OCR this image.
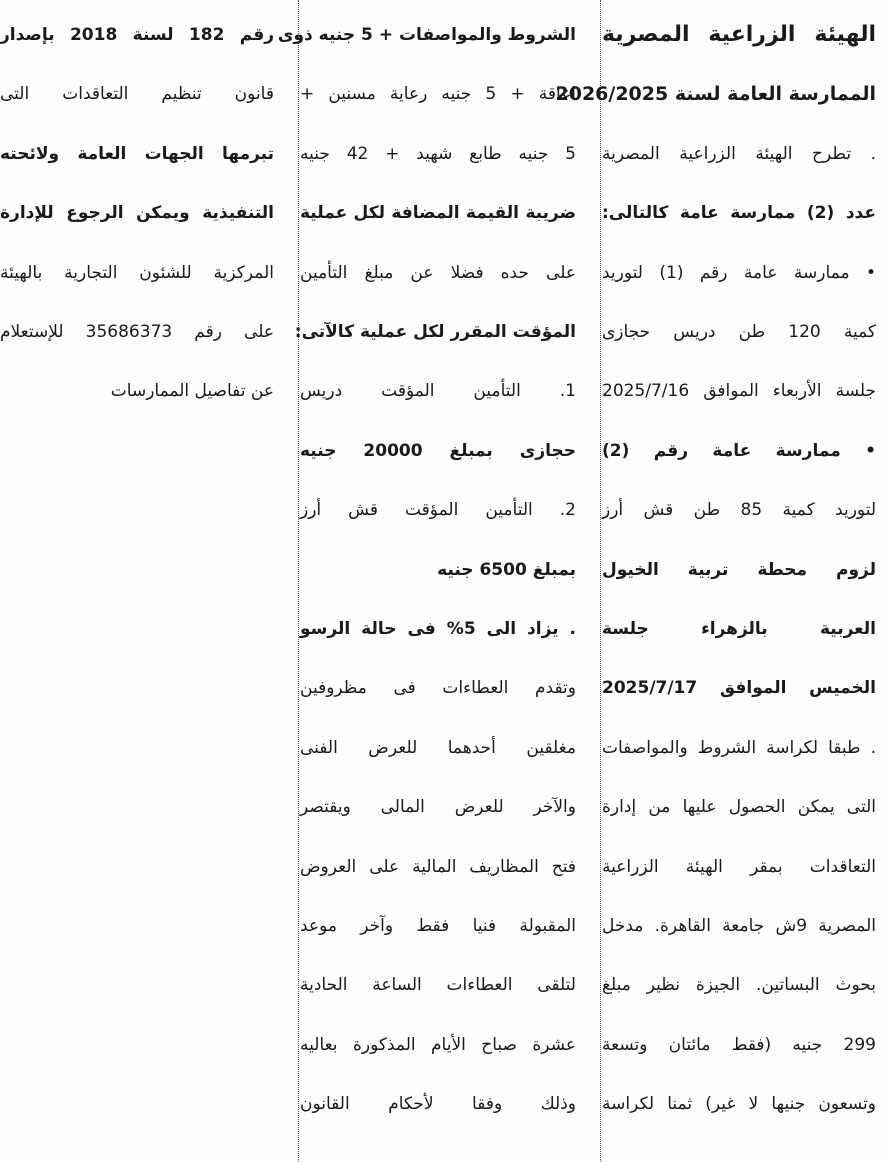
الهيئة الزراعية المصرية
الممارسة العامة لسنة 2026/2025
. تطرح الهيئة الزراعية المصرية
عدد (2) ممارسة عامة كالتالى:
• ممارسة عامة رقم (1) لتوريد
كمية 120 طن دريس حجازى
جلسة الأربعاء الموافق 2025/7/16
• ممارسة عامة رقم (2)
لتوريد كمية 85 طن قش أرز
لزوم محطة تربية الخيول
العربية بالزهراء جلسة
الخميس الموافق 2025/7/17
. طبقا لكراسة الشروط والمواصفات
التى يمكن الحصول عليها من إدارة
التعاقدات بمقر الهيئة الزراعية
المصرية 9ش جامعة القاهرة. مدخل
بحوث البساتين. الجيزة نظير مبلغ
299 جنيه (فقط مائتان وتسعة
وتسعون جنيها لا غير) ثمنا لكراسة
الشروط والمواصفات + 5 جنيه ذوى
اعاقة + 5 جنيه رعاية مسنين +
5 جنيه طابع شهيد + 42 جنيه
ضريبة القيمة المضافة لكل عملية
على حده فضلا عن مبلغ التأمين
المؤقت المقرر لكل عملية كالآتى:
1. التأمين المؤقت دريس
حجازى بمبلغ 20000 جنيه
2. التأمين المؤقت قش أرز
بمبلغ 6500 جنيه
. يزاد الى 5% فى حالة الرسو
وتقدم العطاءات فى مظروفين
مغلقين أحدهما للعرض الفنى
والآخر للعرض المالى ويقتصر
فتح المظاريف المالية على العروض
المقبولة فنيا فقط وآخر موعد
لتلقى العطاءات الساعة الحادية
عشرة صباح الأيام المذكورة بعاليه
وذلك وفقا لأحكام القانون
رقم 182 لسنة 2018 بإصدار
قانون تنظيم التعاقدات التى
تبرمها الجهات العامة ولائحته
التنفيذية ويمكن الرجوع للإدارة
المركزية للشئون التجارية بالهيئة
على رقم 35686373 للإستعلام
عن تفاصيل الممارسات
